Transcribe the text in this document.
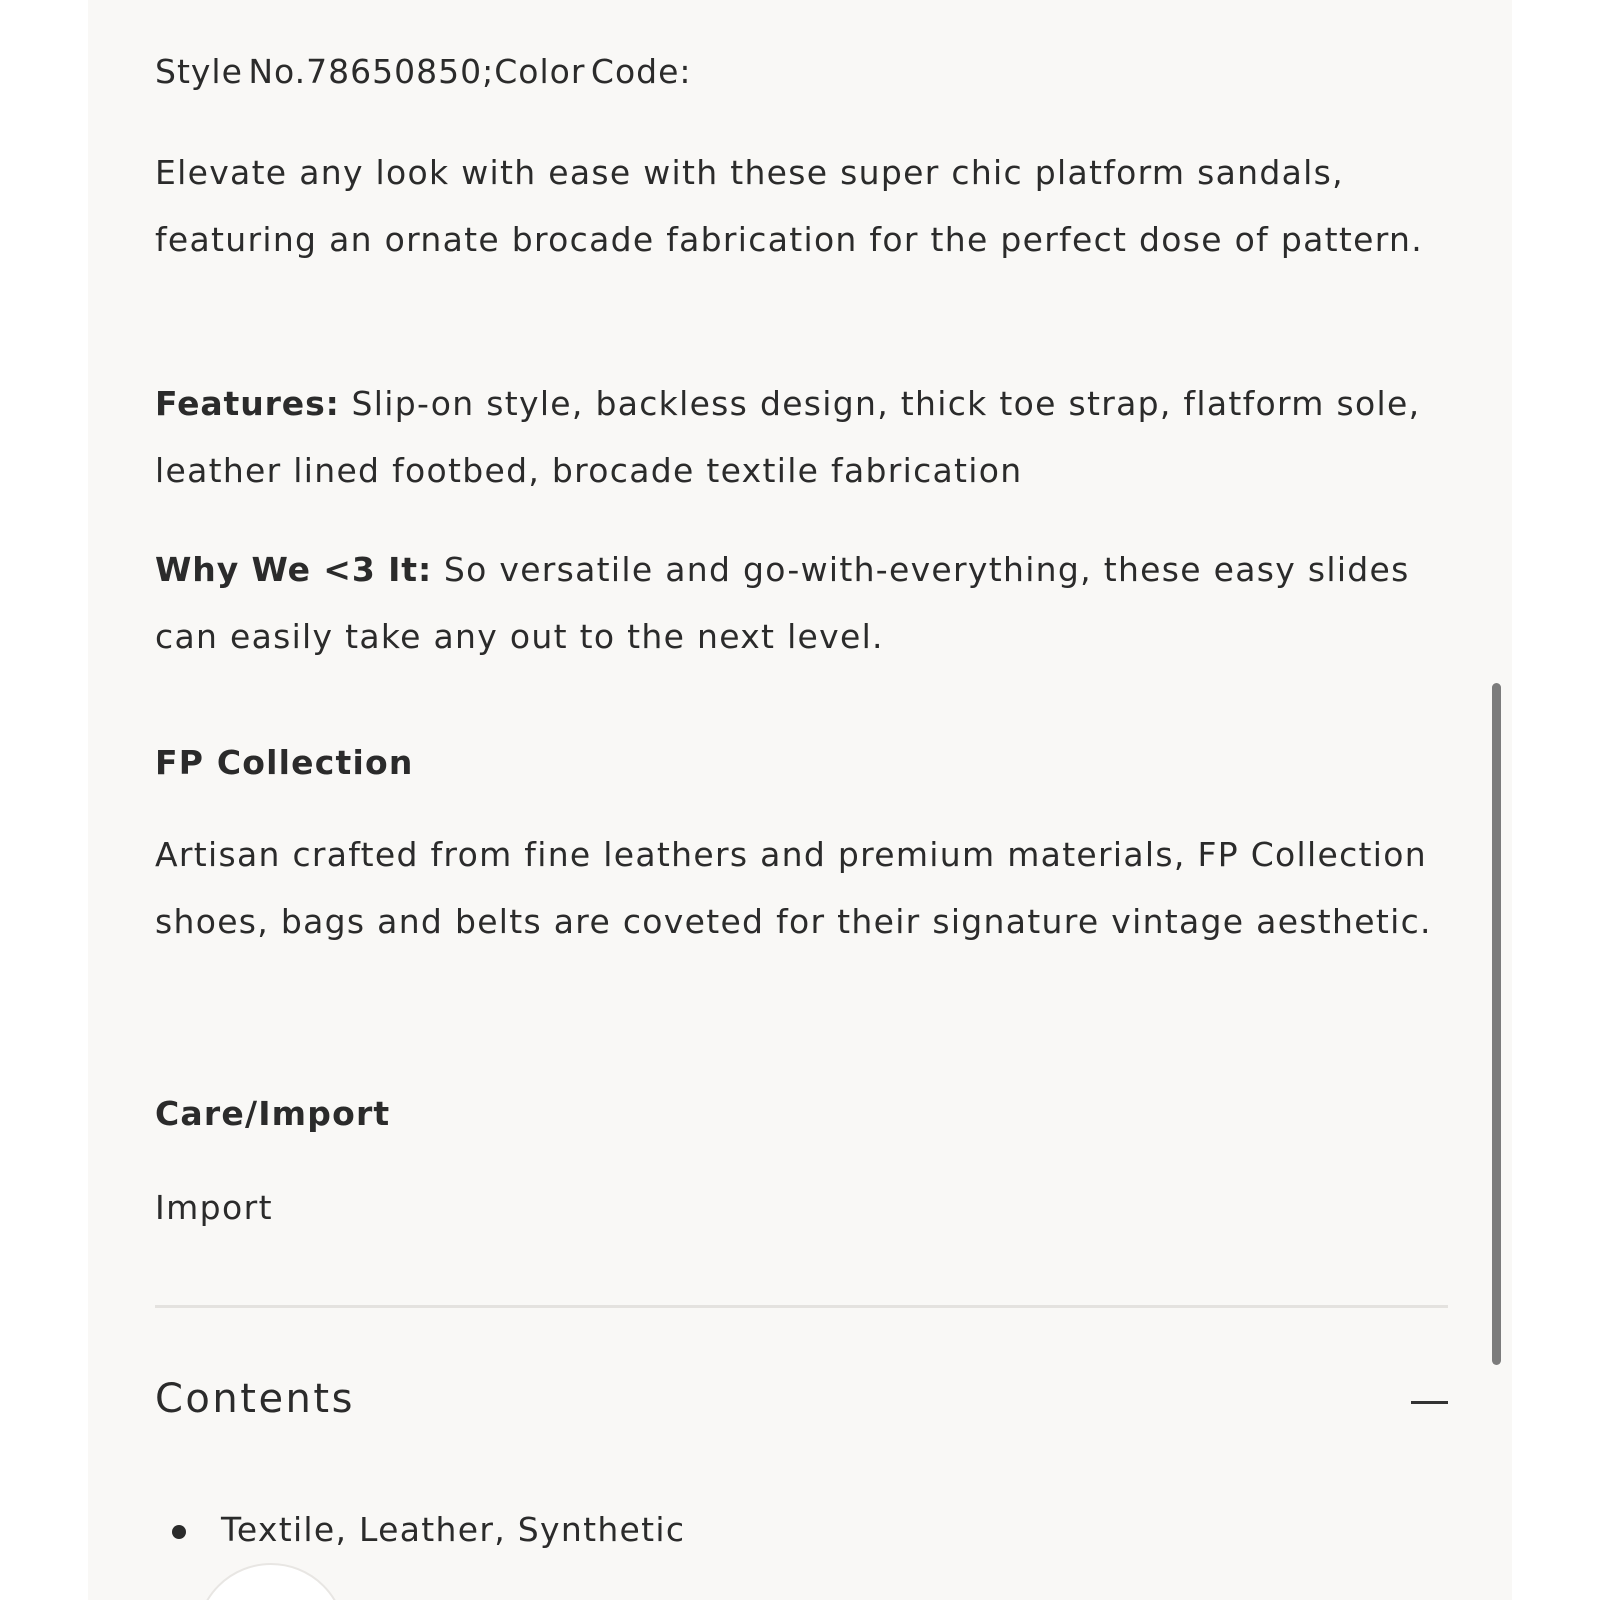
Style No.78650850;Color Code:

Elevate any look with ease with these super chic platform sandals, featuring an ornate brocade fabrication for the perfect dose of pattern.

Features: Slip-on style, backless design, thick toe strap, flatform sole, leather lined footbed, brocade textile fabrication

Why We <3 It: So versatile and go-with-everything, these easy slides can easily take any out to the next level.

FP Collection

Artisan crafted from fine leathers and premium materials, FP Collection shoes, bags and belts are coveted for their signature vintage aesthetic.

Care/Import
Import
Contents
Textile, Leather, Synthetic
